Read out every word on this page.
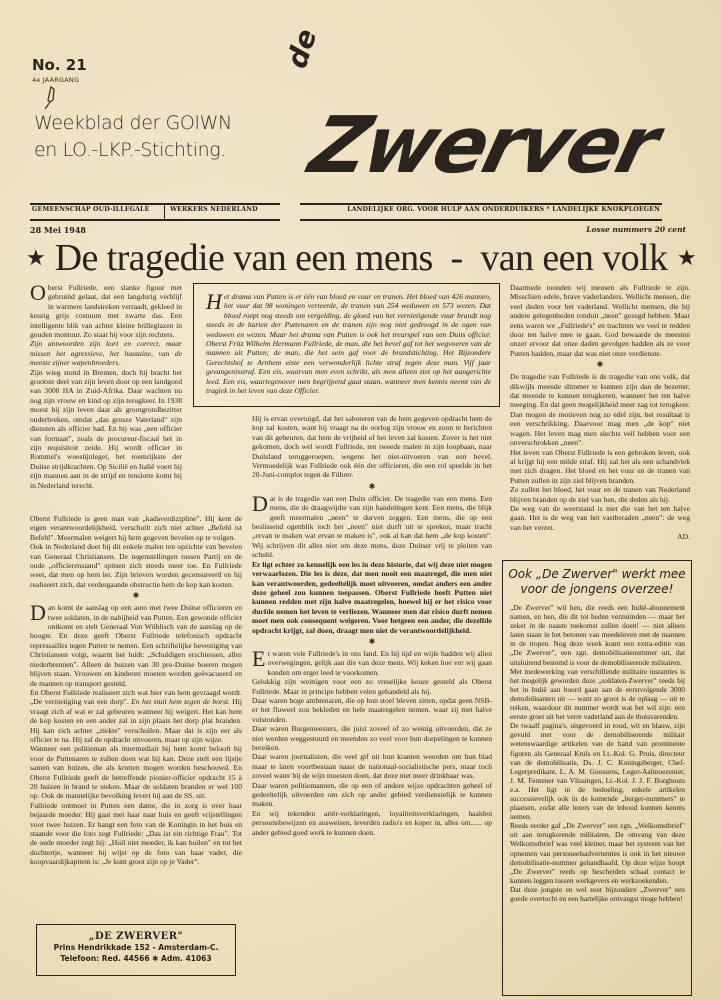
No. 21
4e JAARGANG
Weekblad der GOIWN
en LO.-LKP.-Stichting. Zwerver
de
GEMEENSCHAP OUD-ILLEGALE	WERKERS NEDERLAND	LANDELIJKE ORG. VOOR HULP AAN ONDERDUIKERS * LANDELIJKE KNOKPLOEGEN
28 Mei 1948	Losse nummers 20 cent
★ De tragedie van een mens  -  van een volk ★
Het drama van Putten is er één van bloed en vuur en tranen. Het bloed van 426 mannen, het vuur dat 98 woningen verteerde, de tranen van 254 weduwen en 573 wezen. Dat bloed roept nog steeds om vergelding, de gloed van het vernietigende vuur brandt nog steeds in de harten der Puttenaren en de tranen zijn nog niet gedroogd in de ogen van weduwen en wezen. Maar het drama van Putten is ook het treurspel van een Duits officier. Oberst Fritz Wilhelm Hermann Fullriede, de man, die het bevel gaf tot het wegvoeren van de mannen uit Putten; de man, die het sein gaf voor de brandstichting. Het Bijzondere Gerechtshof te Arnhem eiste een verwonderlijk lichte straf tegen deze man. Vijf jaar gevangenisstraf. Een eis, waarvan men even schrikt, als men alleen ziet op het aangerichte leed. Een eis, waartegenover men begrijpend gaat staan, wanneer men kennis neemt van de tragiek in het leven van deze Officier.

Oberst Fullriede, een slanke figuur met gebruind gelaat, dat een langdurig verblijf in warmere landstreken verraadt, gekleed in keurig grijs costuum met zwarte das. Een intelligente blik van achter kleine brilleglazen in gouden montuur. Zo staat hij voor zijn rechters.

Zijn antwoorden zijn kort en correct, maar missen het agressieve, het hautaine, van de meeste zijner wapenbroeders.

Zijn wieg stond in Bremen, doch hij bracht het grootste deel van zijn leven door op een landgoed van 3000 HA in Zuid-Afrika. Daar wachten nu nog zijn vrouw en kind op zijn terugkeer. In 1938 moest hij zijn leven daar als grootgrondbezitter onderbreken, omdat „das grosze Vaterland" zijn diensten als officier had. En hij was „een officier van formaat", zoals de procureur-fiscaal het in zijn requisitoir zeide. Hij wordt officier in Rommel's woestijnleger, het roemrijkste der Duitse strijdkrachten. Op Sicilië en Italië voert hij zijn mannen aan in de strijd en tenslotte komt hij in Nederland terecht.

Oberst Fullriede is geen man van „kadaverdizipline". Hij kent de eigen verantwoordelijkheid, verschuilt zich niet achter „Befehl ist Befehl". Meermalen weigert hij hem gegeven bevelen op te volgen.

Ook in Nederland doet hij dit enkele malen ten opzichte van bevelen van Generaal Christiansen. De tegenstellingen tussen Partij en de oude „officierenstand" spitsen zich steeds meer toe. En Fullriede weet, dat men op hem let. Zijn brieven worden gecensureerd en hij realiseert zich, dat verdergaande obstructie hem de kop kan kosten.

✱

Dan komt de aanslag op een auto met twee Duitse officieren en twee soldaten, in de nabijheid van Putten. Een gewonde officier ontkomt en stelt Generaal Von Wühlisch van de aanslag op de hoogte. En deze geeft Oberst Fullriede telefonisch opdracht repressailles tegen Putten te nemen. Een schriftelijke bevestiging van Christiansen volgt, waarin het luidt: „Schuldigen erschiessen, alles niederbrennen". Alleen de huizen van 30 pro-Duitse boeren mogen blijven staan. Vrouwen en kinderen moeten worden geëvacueerd en de mannen op transport gesteld.

En Oberst Fullriede realiseert zich wat hier van hem gevraagd wordt. „De vernietiging van een dorp". En het stuit hem tegen de borst. Hij vraagt zich af wat er zal gebeuren wanneer hij weigert. Het kan hem de kop kosten en een ander zal in zijn plaats het dorp plat branden. Hij kan zich achter „ziekte" verschuilen. Maar dat is zijn eer als officier te na. Hij zal de opdracht uitvoeren, maar op zijn wijze.

Wanneer een politieman als intermediair bij hem komt belooft hij voor de Puttenaren te zullen doen wat hij kan. Deze stelt een lijstje samen van huizen, die als krotten mogen worden beschouwd. En Oberst Fullriede geeft de betreffende pionier-officier opdracht 15 à 20 huizen in brand te steken. Maar de soldaten branden er wel 100 op. Ook de mannelijke bevolking levert hij aan de SS. uit.

Fullriede ontmoet in Putten een dame, die in zorg is over haar bejaarde moeder. Hij gaat met haar naar huis en geeft vrijstellingen voor twee huizen. Er hangt een foto van de Koningin in het huis en staande voor die foto zegt Fullriede: „Das ist ein richtige Frau". Tot de oude moeder zegt hij: „Huil niet moeder, ik kan huilen" en tot het dochtertje, wanneer hij wijst op de foto van haar vader, die koopvaardijkapitein is: „Je kunt groot zijn op je Vader".

„DE ZWERVER"
Prins Hendrikkade 152 - Amsterdam-C.
Telefoon: Red. 44566 ✱ Adm. 41063

Hij is ervan overtuigd, dat het saboteren van de hem gegeven opdracht hem de kop zal kosten, want hij vraagt na de oorlog zijn vrouw en zoon te berichten van dit gebeuren, dat hem de vrijheid of het leven zal kosten. Zover is het niet gekomen, doch wel wordt Fullriede, ten tweede malen in zijn loopbaan, naar Duitsland teruggeroepen, wegens het niet-uitvoeren van een bevel. Vermoedelijk was Fullriede ook één der officieren, die een rol speelde in het 20-Juni-complot tegen de Führer.

✱

Dat is de tragedie van een Duits officier. De tragedie van een mens. Een mens, die de draagwijdte van zijn handelingen kent. Een mens, die blijk geeft meermalen „neen" te durven zeggen. Een mens, die op een beslissend ogenblik toch het „neen" niet durft uit te spreken, maar tracht „ervan te maken wat ervan te maken is", ook al kan dat hem „de kop kosten". Wij schrijven dit alles niet om deze mens, deze Duitser vrij te pleiten van schuld.

Er ligt echter zo kennelijk een les in deze historie, dat wij deze niet mogen verwaarlozen. Die les is deze, dat men nooit een maatregel, die men niet kan verantwoorden, gedeeltelijk moet uitvoeren, omdat anders een ander deze geheel zou kunnen toepassen. Oberst Fullriede heeft Putten niet kunnen redden met zijn halve maatregelen, hoewel hij er het risico voor durfde nemen het leven te verliezen. Wanneer men dat risico durft nemen moet men ook consequent weigeren. Voor hetgeen een ander, die dezelfde opdracht krijgt, zal doen, draagt men niet de verantwoordelijkheid.

✱

Er waren vele Fullriede's in ons land. En bij tijd en wijle hadden wij allen overwegingen, gelijk aan die van deze mens. Wij keken hoe ver wij gaan konden om erger leed te voorkomen.

Gelukkig zijn weinigen voor een zo vreselijke keuze gesteld als Oberst Fullriede. Maar in principe hebben velen gehandeld als hij.

Daar waren hoge ambtenaren, die op hun stoel bleven zitten, opdat geen NSB-er het fluweel zou bekleden en hele maatregelen nemen, waar zij met halve volstonden.

Daar waren Burgemeesters, die juist zoveel of zo weinig uitvoerden, dat ze niet werden weggestuurd en meenden zo veel voor hun dorpelingen te kunnen bereiken.

Daar waren journalisten, die veel gif uit hun kranten weerden om hun blad maar te laten voortbestaan naast de nationaal-socialistische pers, maar toch zoveel water bij de wijn moesten doen, dat deze niet meer drinkbaar was.

Daar waren politiemannen, die op een of andere wijze opdrachten geheel of gedeeltelijk uitvoerden om zich op ander gebied verdienstelijk te kunnen maken.

En wij tekenden ariër-verklaringen, loyaliteitsverklaringen, haalden persoonsbewijzen en ausweisen, leverden radio's en koper in, alles om...... op ander gebied goed werk te kunnen doen.

Daarmede toonden wij mensen als Fullriede te zijn. Misschien edele, brave vaderlanders. Wellicht mensen, die veel deden voor het vaderland. Wellicht mensen, die bij andere gelegenheden ronduit „neen" gezegd hebben. Maar eens waren we „Fullriede's" en trachtten we veel te redden door ten halve mee te gaan. God bewaarde de meesten onzer ervoor dat onze daden gevolgen hadden als ze voor Putten hadden, maar dat was niet onze verdienste.

✱

De tragedie van Fullriede is de tragedie van ons volk, dat dikwijls meende slimmer te kunnen zijn dan de bezetter, dat meende te kunnen terugkeren, wanneer het ten halve meeging. En dat geen mogelijkheid meer zag tot terugkeer. Dan mogen de motieven nog zo edel zijn, het resultaat is een verschrikking. Daarvoor mag men „de kop" niet wagen. Het leven mag men slechts veil hebben voor een onverschrokken „neen".

Het leven van Oberst Fullriede is een gebroken leven, ook al krijgt hij een milde straf. Hij zal het als een schandvlek met zich dragen. Het bloed en het vuur en de tranen van Putten zullen in zijn ziel blijven branden.

Zo zullen het bloed, het vuur en de tranen van Nederland blijven branden op de ziel van hen, die deden als hij.

De weg van de weerstand is niet die van het ten halve gaan. Het is de weg van het vastberaden „neen": de weg van het verzet.

AD.

Ook „De Zwerver" werkt mee
voor de jongens overzee!

„De Zwerver" wil hen, die reeds een Indië-abonnement namen, en hen, die dit tot heden verzuimden — maar het zeker in de naaste toekomst zullen doen! — niet alleen laten staan in het betonen van meedeleven met de mannen in de tropen. Nog deze week komt een extra-editie van „De Zwerver", een zgn. demobilisatienummer uit, dat uitsluitend bestemd is voor de demobiliserende militairen.

Met medewerking van verschillende militaire instanties is het mogelijk geworden deze „soldaten-Zwerver" reeds bij het in Indië aan boord gaan aan de eerstvolgende 3000 demobilisanten uit — want zo groot is de oplaag — uit te reiken, waardoor dit nummer wordt wat het wil zijn: een eerste groet uit het verre vaderland aan de thuisvarenden.

De twaalf pagina's, uitgevoerd in rood, wit en blauw, zijn gevuld met voor de demobiliserende militair wetenswaardige artikelen van de hand van prominente figuren als Generaal Kruls en Lt.-Kol. G. Pruis, directeur van de demobilisatie, Ds. J. C. Koningsberger, Chef-Legerpredikant, L. A. M. Goossens, Leger-Aalmoezenier, J. M. Fentener van Vlissingen, Lt.-Kol. J. J. F. Borghouts e.a. Het ligt in de bedoeling, enkele artikelen successievelijk ook in de komende „burger-nummers" te plaatsen, zodat alle lezers van de inhoud kunnen kennis nemen.

Reeds eerder gaf „De Zwerver" een zgn. „Welkomstbrief" uit aan terugkerende militairen. De omvang van deze Welkomstbrief was veel kleiner, maar het systeem van het opnemen van personeelsadvertenties is ook in het nieuwe demobilisatie-nummer gehandhaafd. Op deze wijze hoopt „De Zwerver" reeds op bescheiden schaal contact te kunnen leggen tussen werkgevers en werkzoekenden.

Dat deze jongste en wel zeer bijzondere „Zwerver" een goede overtocht en een hartelijke ontvangst moge hebben!
